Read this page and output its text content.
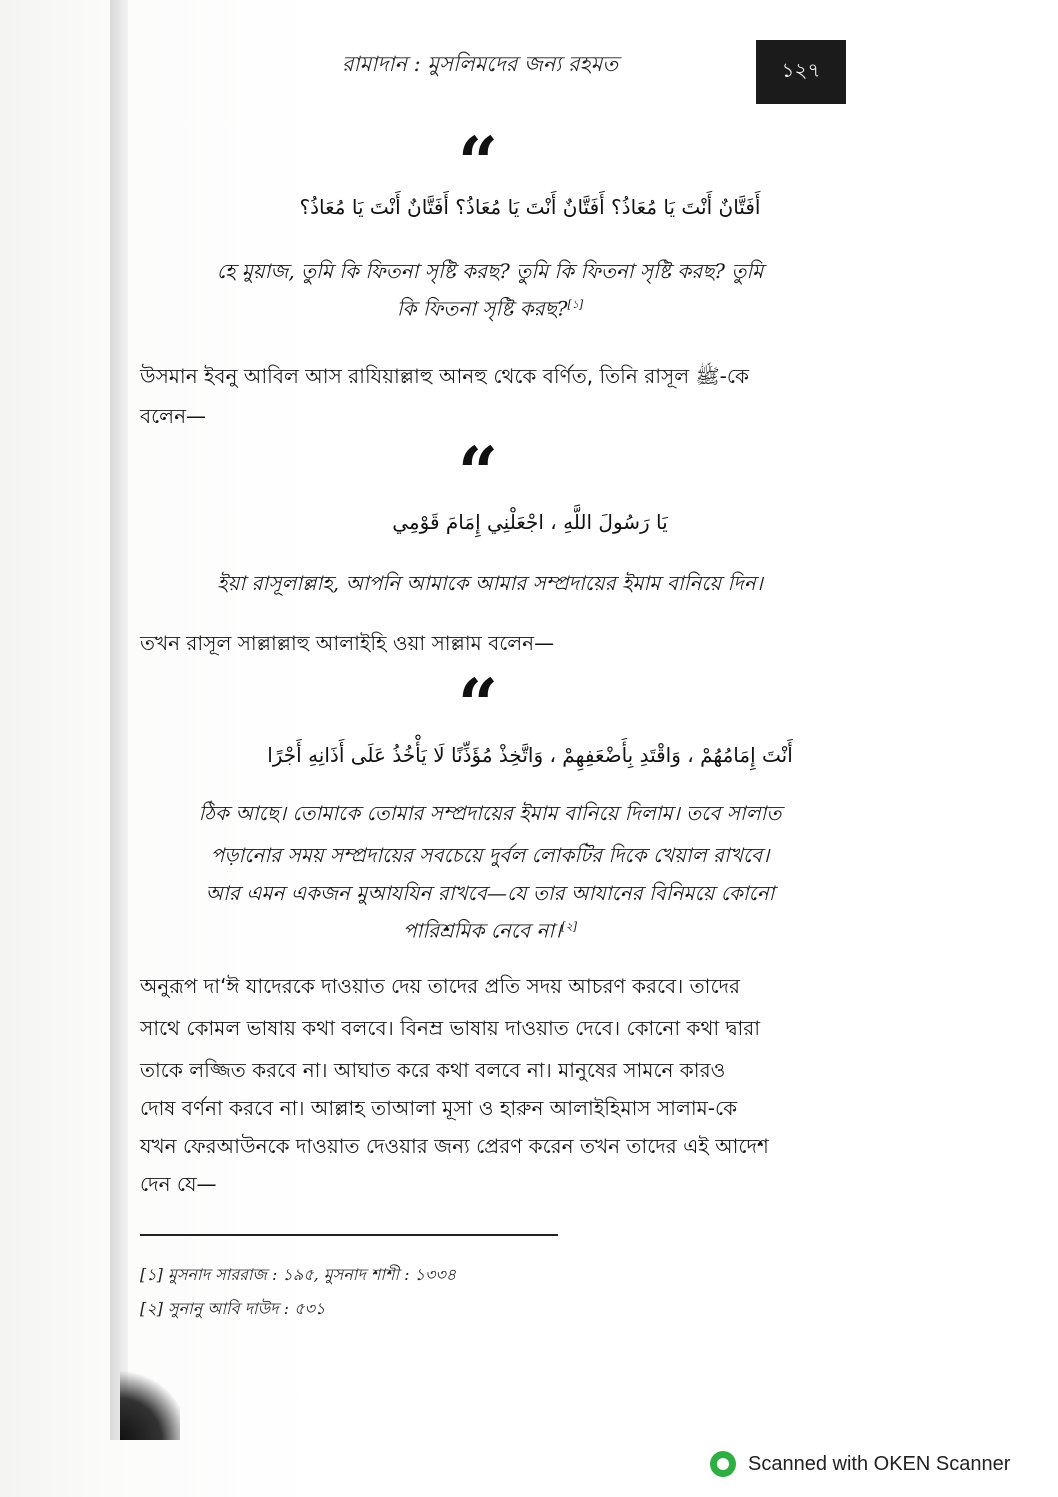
রামাদান : মুসলিমদের জন্য রহমত	১২৭
“
أَفَتَّانٌ أَنْتَ يَا مُعَاذُ؟ أَفَتَّانٌ أَنْتَ يَا مُعَاذُ؟ أَفَتَّانٌ أَنْتَ يَا مُعَاذُ؟
হে মুয়াজ, তুমি কি ফিতনা সৃষ্টি করছ? তুমি কি ফিতনা সৃষ্টি করছ? তুমি
কি ফিতনা সৃষ্টি করছ?[১]
উসমান ইবনু আবিল আস রাযিয়াল্লাহু আনহু থেকে বর্ণিত, তিনি রাসূল ﷺ-কে
বলেন—
“
يَا رَسُولَ اللَّهِ ، اجْعَلْنِي إِمَامَ قَوْمِي
ইয়া রাসূলাল্লাহ, আপনি আমাকে আমার সম্প্রদায়ের ইমাম বানিয়ে দিন।
তখন রাসূল সাল্লাল্লাহু আলাইহি ওয়া সাল্লাম বলেন—
“
أَنْتَ إِمَامُهُمْ ، وَاقْتَدِ بِأَضْعَفِهِمْ ، وَاتَّخِذْ مُؤَذِّنًا لَا يَأْخُذُ عَلَى أَذَانِهِ أَجْرًا
ঠিক আছে। তোমাকে তোমার সম্প্রদায়ের ইমাম বানিয়ে দিলাম। তবে সালাত
পড়ানোর সময় সম্প্রদায়ের সবচেয়ে দুর্বল লোকটির দিকে খেয়াল রাখবে।
আর এমন একজন মুআযযিন রাখবে—যে তার আযানের বিনিময়ে কোনো
পারিশ্রমিক নেবে না।[২]
অনুরূপ দা‘ঈ যাদেরকে দাওয়াত দেয় তাদের প্রতি সদয় আচরণ করবে। তাদের
সাথে কোমল ভাষায় কথা বলবে। বিনম্র ভাষায় দাওয়াত দেবে। কোনো কথা দ্বারা
তাকে লজ্জিত করবে না। আঘাত করে কথা বলবে না। মানুষের সামনে কারও
দোষ বর্ণনা করবে না। আল্লাহ তাআলা মূসা ও হারুন আলাইহিমাস সালাম-কে
যখন ফেরআউনকে দাওয়াত দেওয়ার জন্য প্রেরণ করেন তখন তাদের এই আদেশ
দেন যে—
[১] মুসনাদ সাররাজ : ১৯৫, মুসনাদ শাশী : ১৩৩৪
[২] সুনানু আবি দাউদ : ৫৩১
Scanned with OKEN Scanner
